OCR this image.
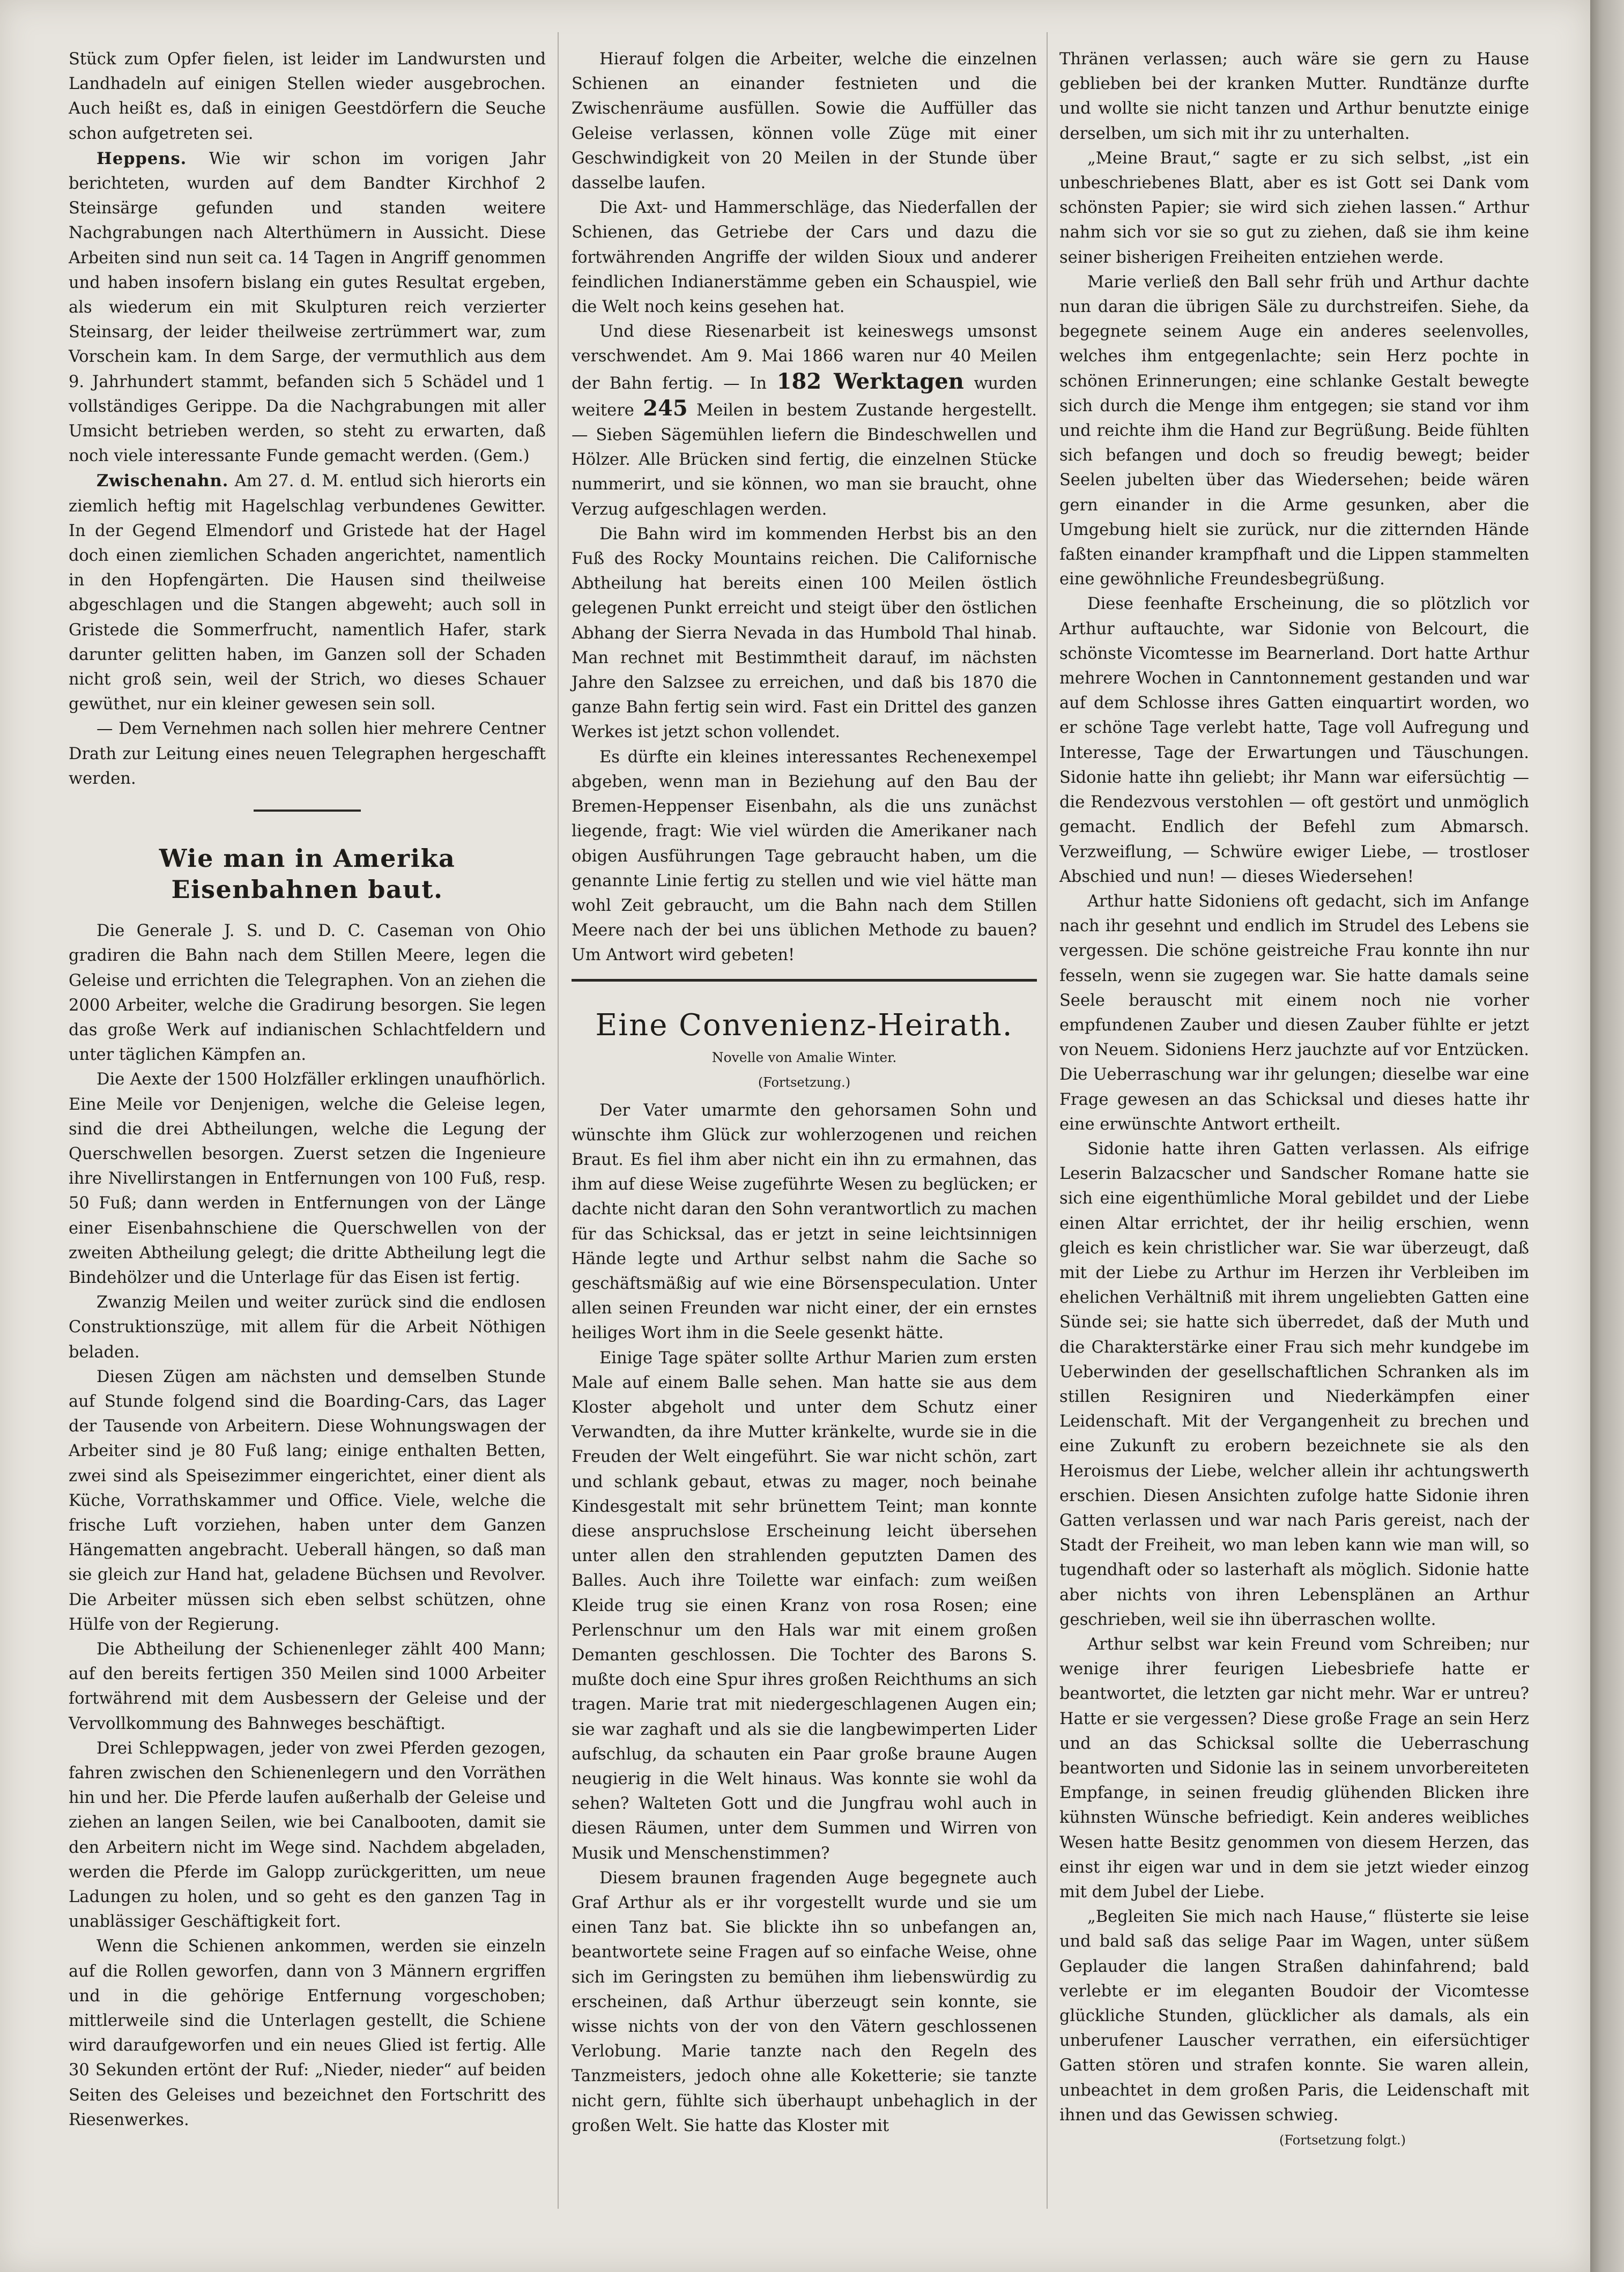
Stück zum Opfer fielen, ist leider im Landwursten und Landhadeln auf einigen Stellen wieder ausgebrochen. Auch heißt es, daß in einigen Geestdörfern die Seuche schon aufgetreten sei.

Heppens. Wie wir schon im vorigen Jahr berichteten, wurden auf dem Bandter Kirchhof 2 Steinsärge gefunden und standen weitere Nachgrabungen nach Alterthümern in Aussicht. Diese Arbeiten sind nun seit ca. 14 Tagen in Angriff genommen und haben insofern bislang ein gutes Resultat ergeben, als wiederum ein mit Skulpturen reich verzierter Steinsarg, der leider theilweise zertrümmert war, zum Vorschein kam. In dem Sarge, der vermuthlich aus dem 9. Jahrhundert stammt, befanden sich 5 Schädel und 1 vollständiges Gerippe. Da die Nachgrabungen mit aller Umsicht betrieben werden, so steht zu erwarten, daß noch viele interessante Funde gemacht werden. (Gem.)

Zwischenahn. Am 27. d. M. entlud sich hierorts ein ziemlich heftig mit Hagelschlag verbundenes Gewitter. In der Gegend Elmendorf und Gristede hat der Hagel doch einen ziemlichen Schaden angerichtet, namentlich in den Hopfengärten. Die Hausen sind theilweise abgeschlagen und die Stangen abgeweht; auch soll in Gristede die Sommerfrucht, namentlich Hafer, stark darunter gelitten haben, im Ganzen soll der Schaden nicht groß sein, weil der Strich, wo dieses Schauer gewüthet, nur ein kleiner gewesen sein soll.

— Dem Vernehmen nach sollen hier mehrere Centner Drath zur Leitung eines neuen Telegraphen hergeschafft werden.

Wie man in Amerika Eisenbahnen baut.

Die Generale J. S. und D. C. Caseman von Ohio gradiren die Bahn nach dem Stillen Meere, legen die Geleise und errichten die Telegraphen. Von an ziehen die 2000 Arbeiter, welche die Gradirung besorgen. Sie legen das große Werk auf indianischen Schlachtfeldern und unter täglichen Kämpfen an.

Die Aexte der 1500 Holzfäller erklingen unaufhörlich. Eine Meile vor Denjenigen, welche die Geleise legen, sind die drei Abtheilungen, welche die Legung der Querschwellen besorgen. Zuerst setzen die Ingenieure ihre Nivellirstangen in Entfernungen von 100 Fuß, resp. 50 Fuß; dann werden in Entfernungen von der Länge einer Eisenbahnschiene die Querschwellen von der zweiten Abtheilung gelegt; die dritte Abtheilung legt die Bindehölzer und die Unterlage für das Eisen ist fertig.

Zwanzig Meilen und weiter zurück sind die endlosen Construktionszüge, mit allem für die Arbeit Nöthigen beladen.

Diesen Zügen am nächsten und demselben Stunde auf Stunde folgend sind die Boarding-Cars, das Lager der Tausende von Arbeitern. Diese Wohnungswagen der Arbeiter sind je 80 Fuß lang; einige enthalten Betten, zwei sind als Speisezimmer eingerichtet, einer dient als Küche, Vorrathskammer und Office. Viele, welche die frische Luft vorziehen, haben unter dem Ganzen Hängematten angebracht. Ueberall hängen, so daß man sie gleich zur Hand hat, geladene Büchsen und Revolver. Die Arbeiter müssen sich eben selbst schützen, ohne Hülfe von der Regierung.

Die Abtheilung der Schienenleger zählt 400 Mann; auf den bereits fertigen 350 Meilen sind 1000 Arbeiter fortwährend mit dem Ausbessern der Geleise und der Vervollkommung des Bahnweges beschäftigt.

Drei Schleppwagen, jeder von zwei Pferden gezogen, fahren zwischen den Schienenlegern und den Vorräthen hin und her. Die Pferde laufen außerhalb der Geleise und ziehen an langen Seilen, wie bei Canalbooten, damit sie den Arbeitern nicht im Wege sind. Nachdem abgeladen, werden die Pferde im Galopp zurückgeritten, um neue Ladungen zu holen, und so geht es den ganzen Tag in unablässiger Geschäftigkeit fort.

Wenn die Schienen ankommen, werden sie einzeln auf die Rollen geworfen, dann von 3 Männern ergriffen und in die gehörige Entfernung vorgeschoben; mittlerweile sind die Unterlagen gestellt, die Schiene wird daraufgeworfen und ein neues Glied ist fertig. Alle 30 Sekunden ertönt der Ruf: „Nieder, nieder“ auf beiden Seiten des Geleises und bezeichnet den Fortschritt des Riesenwerkes.

Hierauf folgen die Arbeiter, welche die einzelnen Schienen an einander festnieten und die Zwischenräume ausfüllen. Sowie die Auffüller das Geleise verlassen, können volle Züge mit einer Geschwindigkeit von 20 Meilen in der Stunde über dasselbe laufen.

Die Axt- und Hammerschläge, das Niederfallen der Schienen, das Getriebe der Cars und dazu die fortwährenden Angriffe der wilden Sioux und anderer feindlichen Indianerstämme geben ein Schauspiel, wie die Welt noch keins gesehen hat.

Und diese Riesenarbeit ist keineswegs umsonst verschwendet. Am 9. Mai 1866 waren nur 40 Meilen der Bahn fertig. — In 182 Werktagen wurden weitere 245 Meilen in bestem Zustande hergestellt. — Sieben Sägemühlen liefern die Bindeschwellen und Hölzer. Alle Brücken sind fertig, die einzelnen Stücke nummerirt, und sie können, wo man sie braucht, ohne Verzug aufgeschlagen werden.

Die Bahn wird im kommenden Herbst bis an den Fuß des Rocky Mountains reichen. Die Californische Abtheilung hat bereits einen 100 Meilen östlich gelegenen Punkt erreicht und steigt über den östlichen Abhang der Sierra Nevada in das Humbold Thal hinab. Man rechnet mit Bestimmtheit darauf, im nächsten Jahre den Salzsee zu erreichen, und daß bis 1870 die ganze Bahn fertig sein wird. Fast ein Drittel des ganzen Werkes ist jetzt schon vollendet.

Es dürfte ein kleines interessantes Rechenexempel abgeben, wenn man in Beziehung auf den Bau der Bremen-Heppenser Eisenbahn, als die uns zunächst liegende, fragt: Wie viel würden die Amerikaner nach obigen Ausführungen Tage gebraucht haben, um die genannte Linie fertig zu stellen und wie viel hätte man wohl Zeit gebraucht, um die Bahn nach dem Stillen Meere nach der bei uns üblichen Methode zu bauen? Um Antwort wird gebeten!

Eine Convenienz-Heirath.
Novelle von Amalie Winter.
(Fortsetzung.)

Der Vater umarmte den gehorsamen Sohn und wünschte ihm Glück zur wohlerzogenen und reichen Braut. Es fiel ihm aber nicht ein ihn zu ermahnen, das ihm auf diese Weise zugeführte Wesen zu beglücken; er dachte nicht daran den Sohn verantwortlich zu machen für das Schicksal, das er jetzt in seine leichtsinnigen Hände legte und Arthur selbst nahm die Sache so geschäftsmäßig auf wie eine Börsenspeculation. Unter allen seinen Freunden war nicht einer, der ein ernstes heiliges Wort ihm in die Seele gesenkt hätte.

Einige Tage später sollte Arthur Marien zum ersten Male auf einem Balle sehen. Man hatte sie aus dem Kloster abgeholt und unter dem Schutz einer Verwandten, da ihre Mutter kränkelte, wurde sie in die Freuden der Welt eingeführt. Sie war nicht schön, zart und schlank gebaut, etwas zu mager, noch beinahe Kindesgestalt mit sehr brünettem Teint; man konnte diese anspruchslose Erscheinung leicht übersehen unter allen den strahlenden geputzten Damen des Balles. Auch ihre Toilette war einfach: zum weißen Kleide trug sie einen Kranz von rosa Rosen; eine Perlenschnur um den Hals war mit einem großen Demanten geschlossen. Die Tochter des Barons S. mußte doch eine Spur ihres großen Reichthums an sich tragen. Marie trat mit niedergeschlagenen Augen ein; sie war zaghaft und als sie die langbewimperten Lider aufschlug, da schauten ein Paar große braune Augen neugierig in die Welt hinaus. Was konnte sie wohl da sehen? Walteten Gott und die Jungfrau wohl auch in diesen Räumen, unter dem Summen und Wirren von Musik und Menschenstimmen?

Diesem braunen fragenden Auge begegnete auch Graf Arthur als er ihr vorgestellt wurde und sie um einen Tanz bat. Sie blickte ihn so unbefangen an, beantwortete seine Fragen auf so einfache Weise, ohne sich im Geringsten zu bemühen ihm liebenswürdig zu erscheinen, daß Arthur überzeugt sein konnte, sie wisse nichts von der von den Vätern geschlossenen Verlobung. Marie tanzte nach den Regeln des Tanzmeisters, jedoch ohne alle Koketterie; sie tanzte nicht gern, fühlte sich überhaupt unbehaglich in der großen Welt. Sie hatte das Kloster mit

Thränen verlassen; auch wäre sie gern zu Hause geblieben bei der kranken Mutter. Rundtänze durfte und wollte sie nicht tanzen und Arthur benutzte einige derselben, um sich mit ihr zu unterhalten.

„Meine Braut,“ sagte er zu sich selbst, „ist ein unbeschriebenes Blatt, aber es ist Gott sei Dank vom schönsten Papier; sie wird sich ziehen lassen.“ Arthur nahm sich vor sie so gut zu ziehen, daß sie ihm keine seiner bisherigen Freiheiten entziehen werde.

Marie verließ den Ball sehr früh und Arthur dachte nun daran die übrigen Säle zu durchstreifen. Siehe, da begegnete seinem Auge ein anderes seelenvolles, welches ihm entgegenlachte; sein Herz pochte in schönen Erinnerungen; eine schlanke Gestalt bewegte sich durch die Menge ihm entgegen; sie stand vor ihm und reichte ihm die Hand zur Begrüßung. Beide fühlten sich befangen und doch so freudig bewegt; beider Seelen jubelten über das Wiedersehen; beide wären gern einander in die Arme gesunken, aber die Umgebung hielt sie zurück, nur die zitternden Hände faßten einander krampfhaft und die Lippen stammelten eine gewöhnliche Freundesbegrüßung.

Diese feenhafte Erscheinung, die so plötzlich vor Arthur auftauchte, war Sidonie von Belcourt, die schönste Vicomtesse im Bearnerland. Dort hatte Arthur mehrere Wochen in Canntonnement gestanden und war auf dem Schlosse ihres Gatten einquartirt worden, wo er schöne Tage verlebt hatte, Tage voll Aufregung und Interesse, Tage der Erwartungen und Täuschungen. Sidonie hatte ihn geliebt; ihr Mann war eifersüchtig — die Rendezvous verstohlen — oft gestört und unmöglich gemacht. Endlich der Befehl zum Abmarsch. Verzweiflung, — Schwüre ewiger Liebe, — trostloser Abschied und nun! — dieses Wiedersehen!

Arthur hatte Sidoniens oft gedacht, sich im Anfange nach ihr gesehnt und endlich im Strudel des Lebens sie vergessen. Die schöne geistreiche Frau konnte ihn nur fesseln, wenn sie zugegen war. Sie hatte damals seine Seele berauscht mit einem noch nie vorher empfundenen Zauber und diesen Zauber fühlte er jetzt von Neuem. Sidoniens Herz jauchzte auf vor Entzücken. Die Ueberraschung war ihr gelungen; dieselbe war eine Frage gewesen an das Schicksal und dieses hatte ihr eine erwünschte Antwort ertheilt.

Sidonie hatte ihren Gatten verlassen. Als eifrige Leserin Balzacscher und Sandscher Romane hatte sie sich eine eigenthümliche Moral gebildet und der Liebe einen Altar errichtet, der ihr heilig erschien, wenn gleich es kein christlicher war. Sie war überzeugt, daß mit der Liebe zu Arthur im Herzen ihr Verbleiben im ehelichen Verhältniß mit ihrem ungeliebten Gatten eine Sünde sei; sie hatte sich überredet, daß der Muth und die Charakterstärke einer Frau sich mehr kundgebe im Ueberwinden der gesellschaftlichen Schranken als im stillen Resigniren und Niederkämpfen einer Leidenschaft. Mit der Vergangenheit zu brechen und eine Zukunft zu erobern bezeichnete sie als den Heroismus der Liebe, welcher allein ihr achtungswerth erschien. Diesen Ansichten zufolge hatte Sidonie ihren Gatten verlassen und war nach Paris gereist, nach der Stadt der Freiheit, wo man leben kann wie man will, so tugendhaft oder so lasterhaft als möglich. Sidonie hatte aber nichts von ihren Lebensplänen an Arthur geschrieben, weil sie ihn überraschen wollte.

Arthur selbst war kein Freund vom Schreiben; nur wenige ihrer feurigen Liebesbriefe hatte er beantwortet, die letzten gar nicht mehr. War er untreu? Hatte er sie vergessen? Diese große Frage an sein Herz und an das Schicksal sollte die Ueberraschung beantworten und Sidonie las in seinem unvorbereiteten Empfange, in seinen freudig glühenden Blicken ihre kühnsten Wünsche befriedigt. Kein anderes weibliches Wesen hatte Besitz genommen von diesem Herzen, das einst ihr eigen war und in dem sie jetzt wieder einzog mit dem Jubel der Liebe.

„Begleiten Sie mich nach Hause,“ flüsterte sie leise und bald saß das selige Paar im Wagen, unter süßem Geplauder die langen Straßen dahinfahrend; bald verlebte er im eleganten Boudoir der Vicomtesse glückliche Stunden, glücklicher als damals, als ein unberufener Lauscher verrathen, ein eifersüchtiger Gatten stören und strafen konnte. Sie waren allein, unbeachtet in dem großen Paris, die Leidenschaft mit ihnen und das Gewissen schwieg.

(Fortsetzung folgt.)
